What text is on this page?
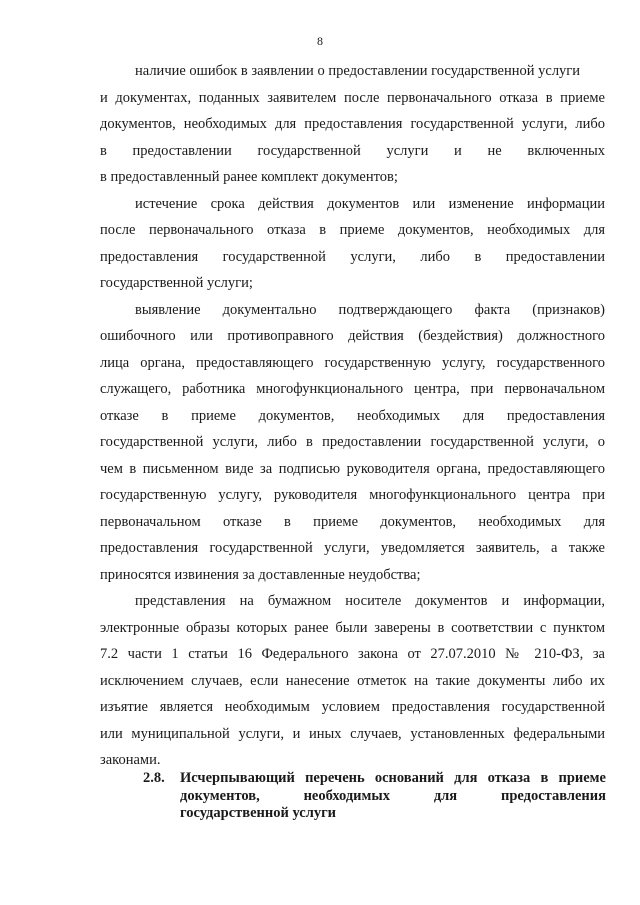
8
наличие ошибок в заявлении о предоставлении государственной услуги
и документах, поданных заявителем после первоначального отказа в приеме
документов, необходимых для предоставления государственной услуги, либо
в предоставлении государственной услуги и не включенных
в предоставленный ранее комплект документов;
истечение срока действия документов или изменение информации
после первоначального отказа в приеме документов, необходимых для
предоставления государственной услуги, либо в предоставлении
государственной услуги;
выявление документально подтверждающего факта (признаков)
ошибочного или противоправного действия (бездействия) должностного
лица органа, предоставляющего государственную услугу, государственного
служащего, работника многофункционального центра, при первоначальном
отказе в приеме документов, необходимых для предоставления
государственной услуги, либо в предоставлении государственной услуги, о
чем в письменном виде за подписью руководителя органа, предоставляющего
государственную услугу, руководителя многофункционального центра при
первоначальном отказе в приеме документов, необходимых для
предоставления государственной услуги, уведомляется заявитель, а также
приносятся извинения за доставленные неудобства;
представления на бумажном носителе документов и информации,
электронные образы которых ранее были заверены в соответствии с пунктом
7.2 части 1 статьи 16 Федерального закона от 27.07.2010 № 210-ФЗ, за
исключением случаев, если нанесение отметок на такие документы либо их
изъятие является необходимым условием предоставления государственной
или муниципальной услуги, и иных случаев, установленных федеральными
законами.
2.8. Исчерпывающий перечень оснований для отказа в приеме
документов, необходимых для предоставления
государственной услуги
